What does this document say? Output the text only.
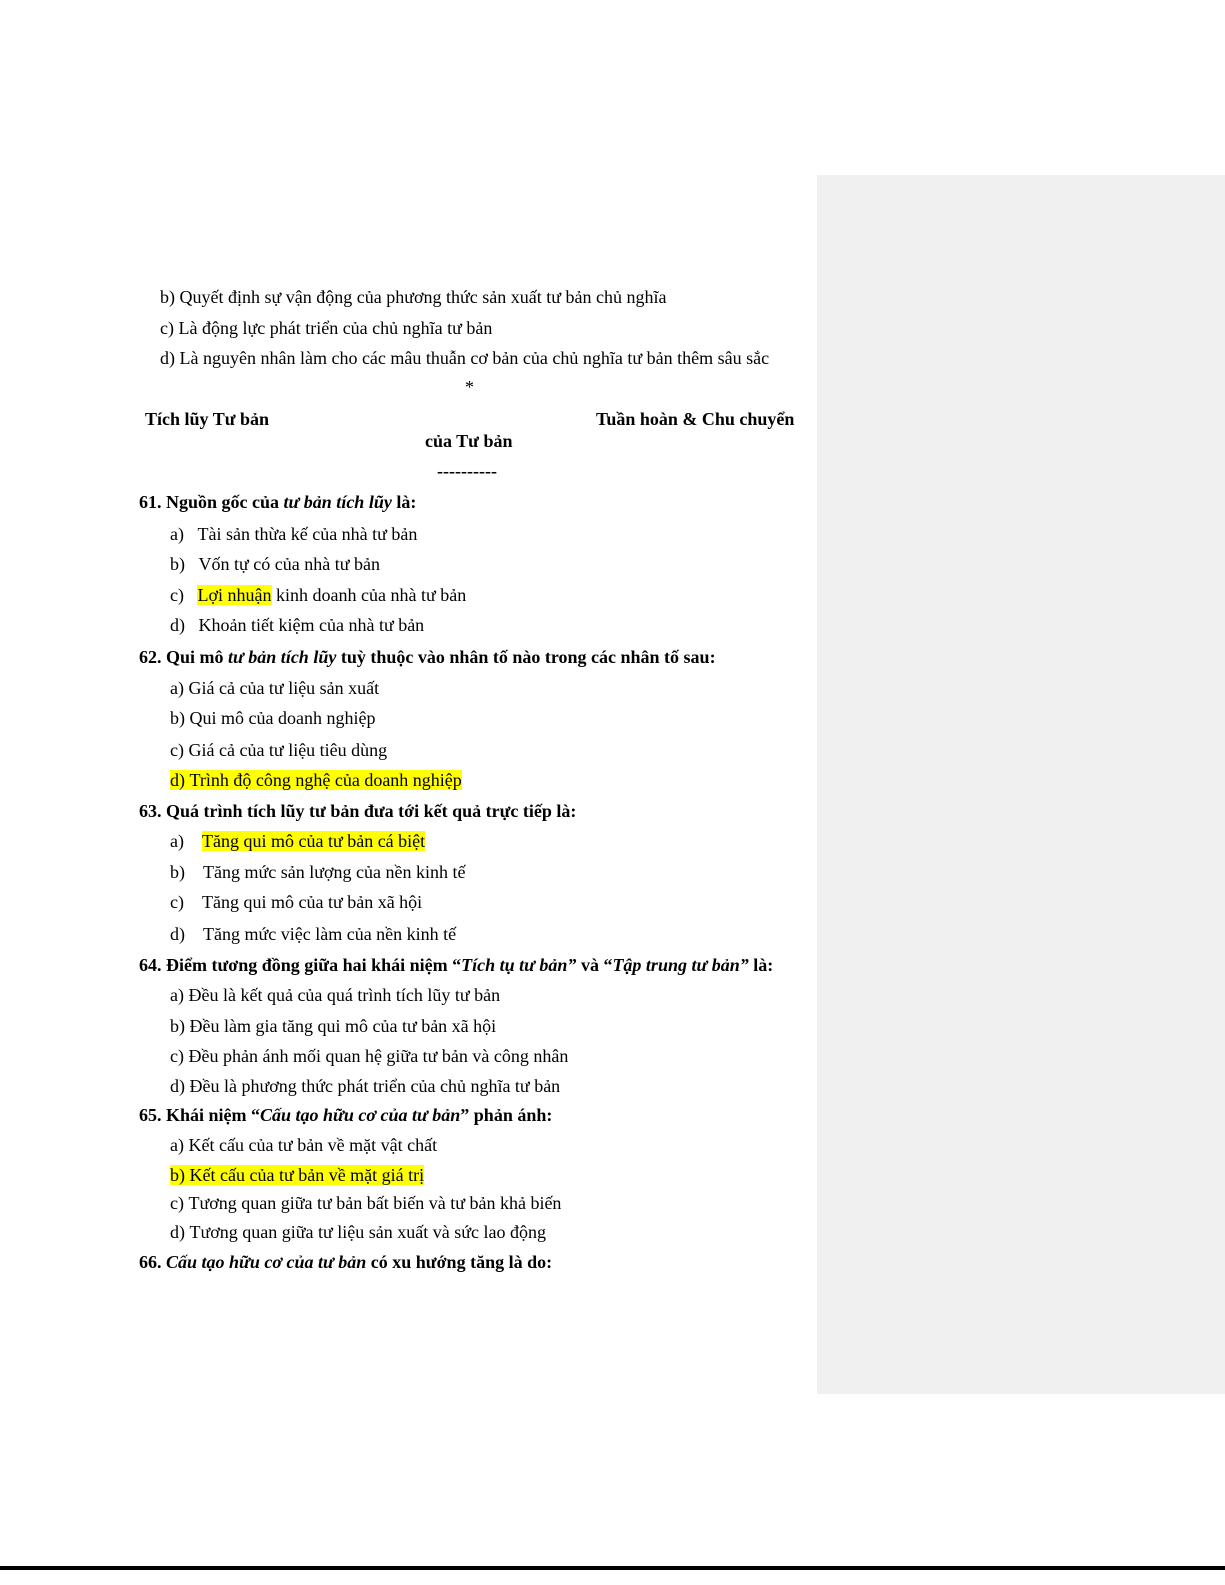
b) Quyết định sự vận động của phương thức sản xuất tư bản chủ nghĩa
c) Là động lực phát triển của chủ nghĩa tư bản
d) Là nguyên nhân làm cho các mâu thuẫn cơ bản của chủ nghĩa tư bản thêm sâu sắc
*
Tích lũy Tư bản	Tuần hoàn & Chu chuyển
của Tư bản
----------
61. Nguồn gốc của tư bản tích lũy là:
a) Tài sản thừa kế của nhà tư bản
b) Vốn tự có của nhà tư bản
c) Lợi nhuận kinh doanh của nhà tư bản
d) Khoản tiết kiệm của nhà tư bản
62. Qui mô tư bản tích lũy tuỳ thuộc vào nhân tố nào trong các nhân tố sau:
a) Giá cả của tư liệu sản xuất
b) Qui mô của doanh nghiệp
c) Giá cả của tư liệu tiêu dùng
d) Trình độ công nghệ của doanh nghiệp
63. Quá trình tích lũy tư bản đưa tới kết quả trực tiếp là:
a) Tăng qui mô của tư bản cá biệt
b) Tăng mức sản lượng của nền kinh tế
c) Tăng qui mô của tư bản xã hội
d) Tăng mức việc làm của nền kinh tế
64. Điểm tương đồng giữa hai khái niệm “Tích tụ tư bản” và “Tập trung tư bản” là:
a) Đều là kết quả của quá trình tích lũy tư bản
b) Đều làm gia tăng qui mô của tư bản xã hội
c) Đều phản ánh mối quan hệ giữa tư bản và công nhân
d) Đều là phương thức phát triển của chủ nghĩa tư bản
65. Khái niệm “Cấu tạo hữu cơ của tư bản” phản ánh:
a) Kết cấu của tư bản về mặt vật chất
b) Kết cấu của tư bản về mặt giá trị
c) Tương quan giữa tư bản bất biến và tư bản khả biến
d) Tương quan giữa tư liệu sản xuất và sức lao động
66. Cấu tạo hữu cơ của tư bản có xu hướng tăng là do:
